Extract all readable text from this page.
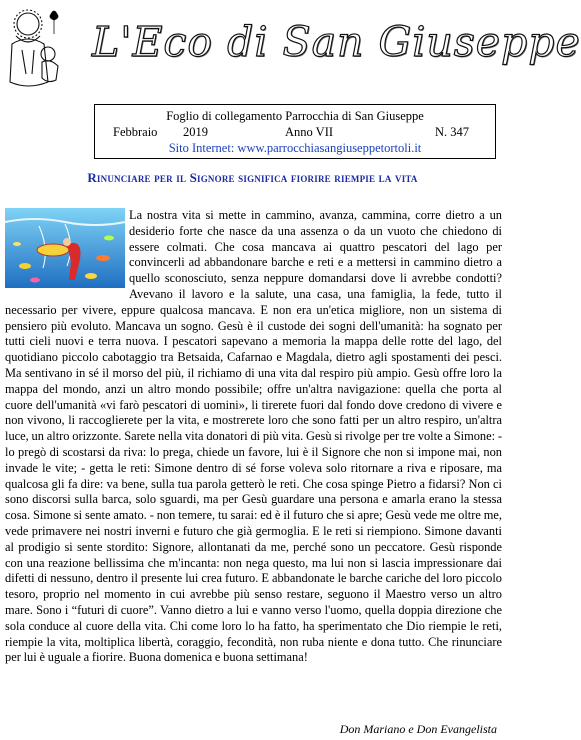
L'Eco di San Giuseppe
Foglio di collegamento Parrocchia di San Giuseppe
Febbraio 2019	Anno VII	N. 347
Sito Internet: www.parrocchiasangiuseppetortoli.it
Rinunciare per il Signore significa fiorire riempie la vita
La nostra vita si mette in cammino, avanza, cammina, corre dietro a un desiderio forte che nasce da una assenza o da un vuoto che chiedono di essere colmati. Che cosa mancava ai quattro pescatori del lago per convincerli ad abbandonare barche e reti e a mettersi in cammino dietro a quello sconosciuto, senza neppure domandarsi dove li avrebbe condotti? Avevano il lavoro e la salute, una casa, una famiglia, la fede, tutto il necessario per vivere, eppure qualcosa mancava. E non era un'etica migliore, non un sistema di pensiero più evoluto. Mancava un sogno. Gesù è il custode dei sogni dell'umanità: ha sognato per tutti cieli nuovi e terra nuova. I pescatori sapevano a memoria la mappa delle rotte del lago, del quotidiano piccolo cabotaggio tra Betsaida, Cafarnao e Magdala, dietro agli spostamenti dei pesci. Ma sentivano in sé il morso del più, il richiamo di una vita dal respiro più ampio. Gesù offre loro la mappa del mondo, anzi un altro mondo possibile; offre un'altra navigazione: quella che porta al cuore dell'umanità «vi farò pescatori di uomini», li tirerete fuori dal fondo dove credono di vivere e non vivono, li raccoglierete per la vita, e mostrerete loro che sono fatti per un altro respiro, un'altra luce, un altro orizzonte. Sarete nella vita donatori di più vita. Gesù si rivolge per tre volte a Simone: - lo pregò di scostarsi da riva: lo prega, chiede un favore, lui è il Signore che non si impone mai, non invade le vite; - getta le reti: Simone dentro di sé forse voleva solo ritornare a riva e riposare, ma qualcosa gli fa dire: va bene, sulla tua parola getterò le reti. Che cosa spinge Pietro a fidarsi? Non ci sono discorsi sulla barca, solo sguardi, ma per Gesù guardare una persona e amarla erano la stessa cosa. Simone si sente amato. - non temere, tu sarai: ed è il futuro che si apre; Gesù vede me oltre me, vede primavere nei nostri inverni e futuro che già germoglia. E le reti si riempiono. Simone davanti al prodigio si sente stordito: Signore, allontanati da me, perché sono un peccatore. Gesù risponde con una reazione bellissima che m'incanta: non nega questo, ma lui non si lascia impressionare dai difetti di nessuno, dentro il presente lui crea futuro. E abbandonate le barche cariche del loro piccolo tesoro, proprio nel momento in cui avrebbe più senso restare, seguono il Maestro verso un altro mare. Sono i “futuri di cuore”. Vanno dietro a lui e vanno verso l'uomo, quella doppia direzione che sola conduce al cuore della vita. Chi come loro lo ha fatto, ha sperimentato che Dio riempie le reti, riempie la vita, moltiplica libertà, coraggio, fecondità, non ruba niente e dona tutto. Che rinunciare per lui è uguale a fiorire. Buona domenica e buona settimana!
Don Mariano e Don Evangelista
